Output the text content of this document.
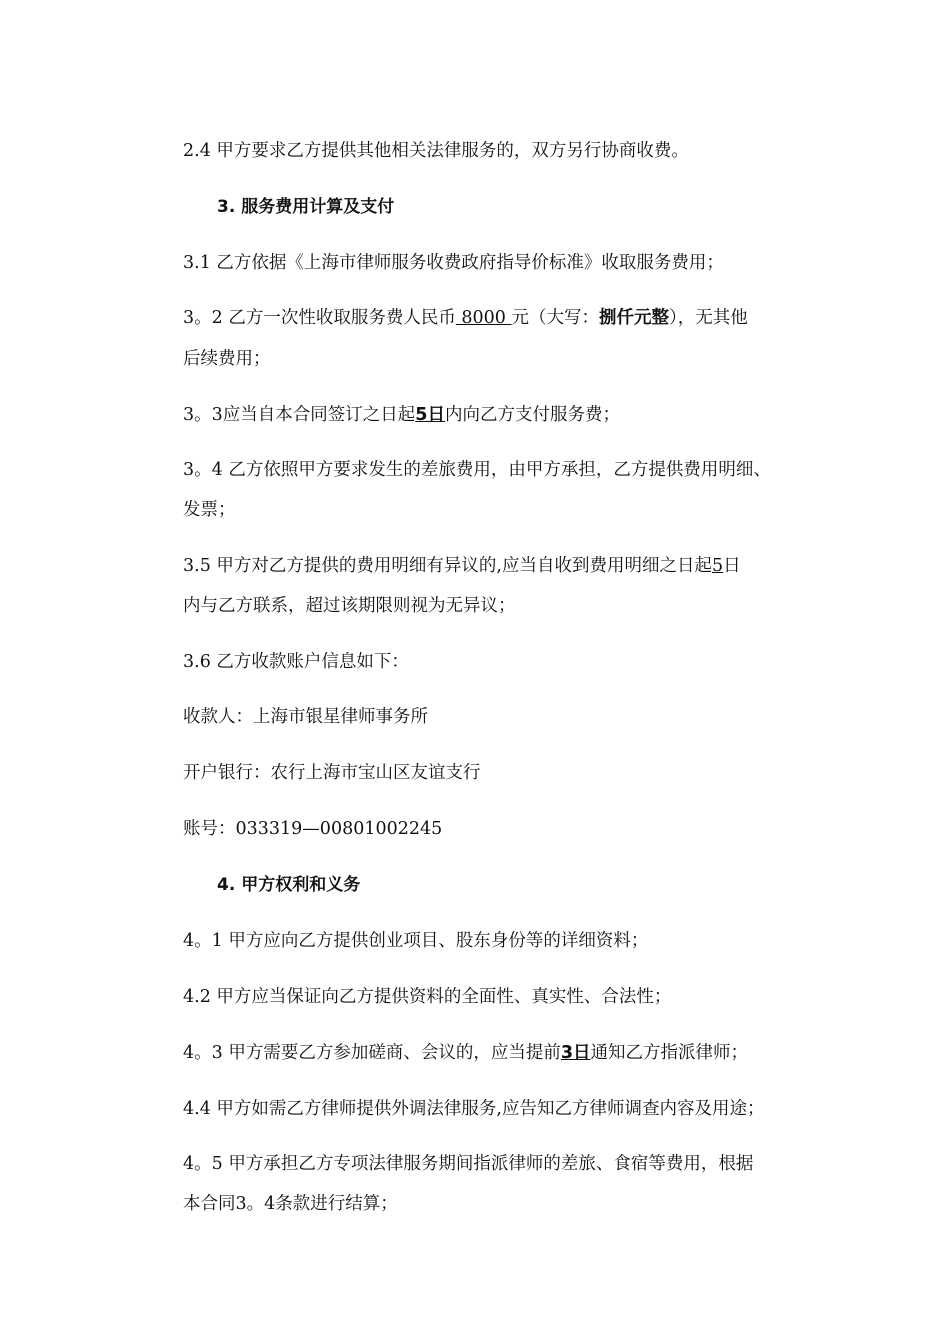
2.4 甲方要求乙方提供其他相关法律服务的，双方另行协商收费。
3. 服务费用计算及支付
3.1 乙方依据《上海市律师服务收费政府指导价标准》收取服务费用；
3。2 乙方一次性收取服务费人民币 8000 元（大写：捌仟元整），无其他
后续费用；
3。3应当自本合同签订之日起5日内向乙方支付服务费；
3。4 乙方依照甲方要求发生的差旅费用，由甲方承担，乙方提供费用明细、
发票；
3.5 甲方对乙方提供的费用明细有异议的,应当自收到费用明细之日起5日
内与乙方联系，超过该期限则视为无异议；
3.6 乙方收款账户信息如下：
收款人：上海市银星律师事务所
开户银行：农行上海市宝山区友谊支行
账号：033319—00801002245
4. 甲方权利和义务
4。1 甲方应向乙方提供创业项目、股东身份等的详细资料；
4.2 甲方应当保证向乙方提供资料的全面性、真实性、合法性；
4。3 甲方需要乙方参加磋商、会议的，应当提前3日通知乙方指派律师；
4.4 甲方如需乙方律师提供外调法律服务,应告知乙方律师调查内容及用途；
4。5 甲方承担乙方专项法律服务期间指派律师的差旅、食宿等费用，根据
本合同3。4条款进行结算；
